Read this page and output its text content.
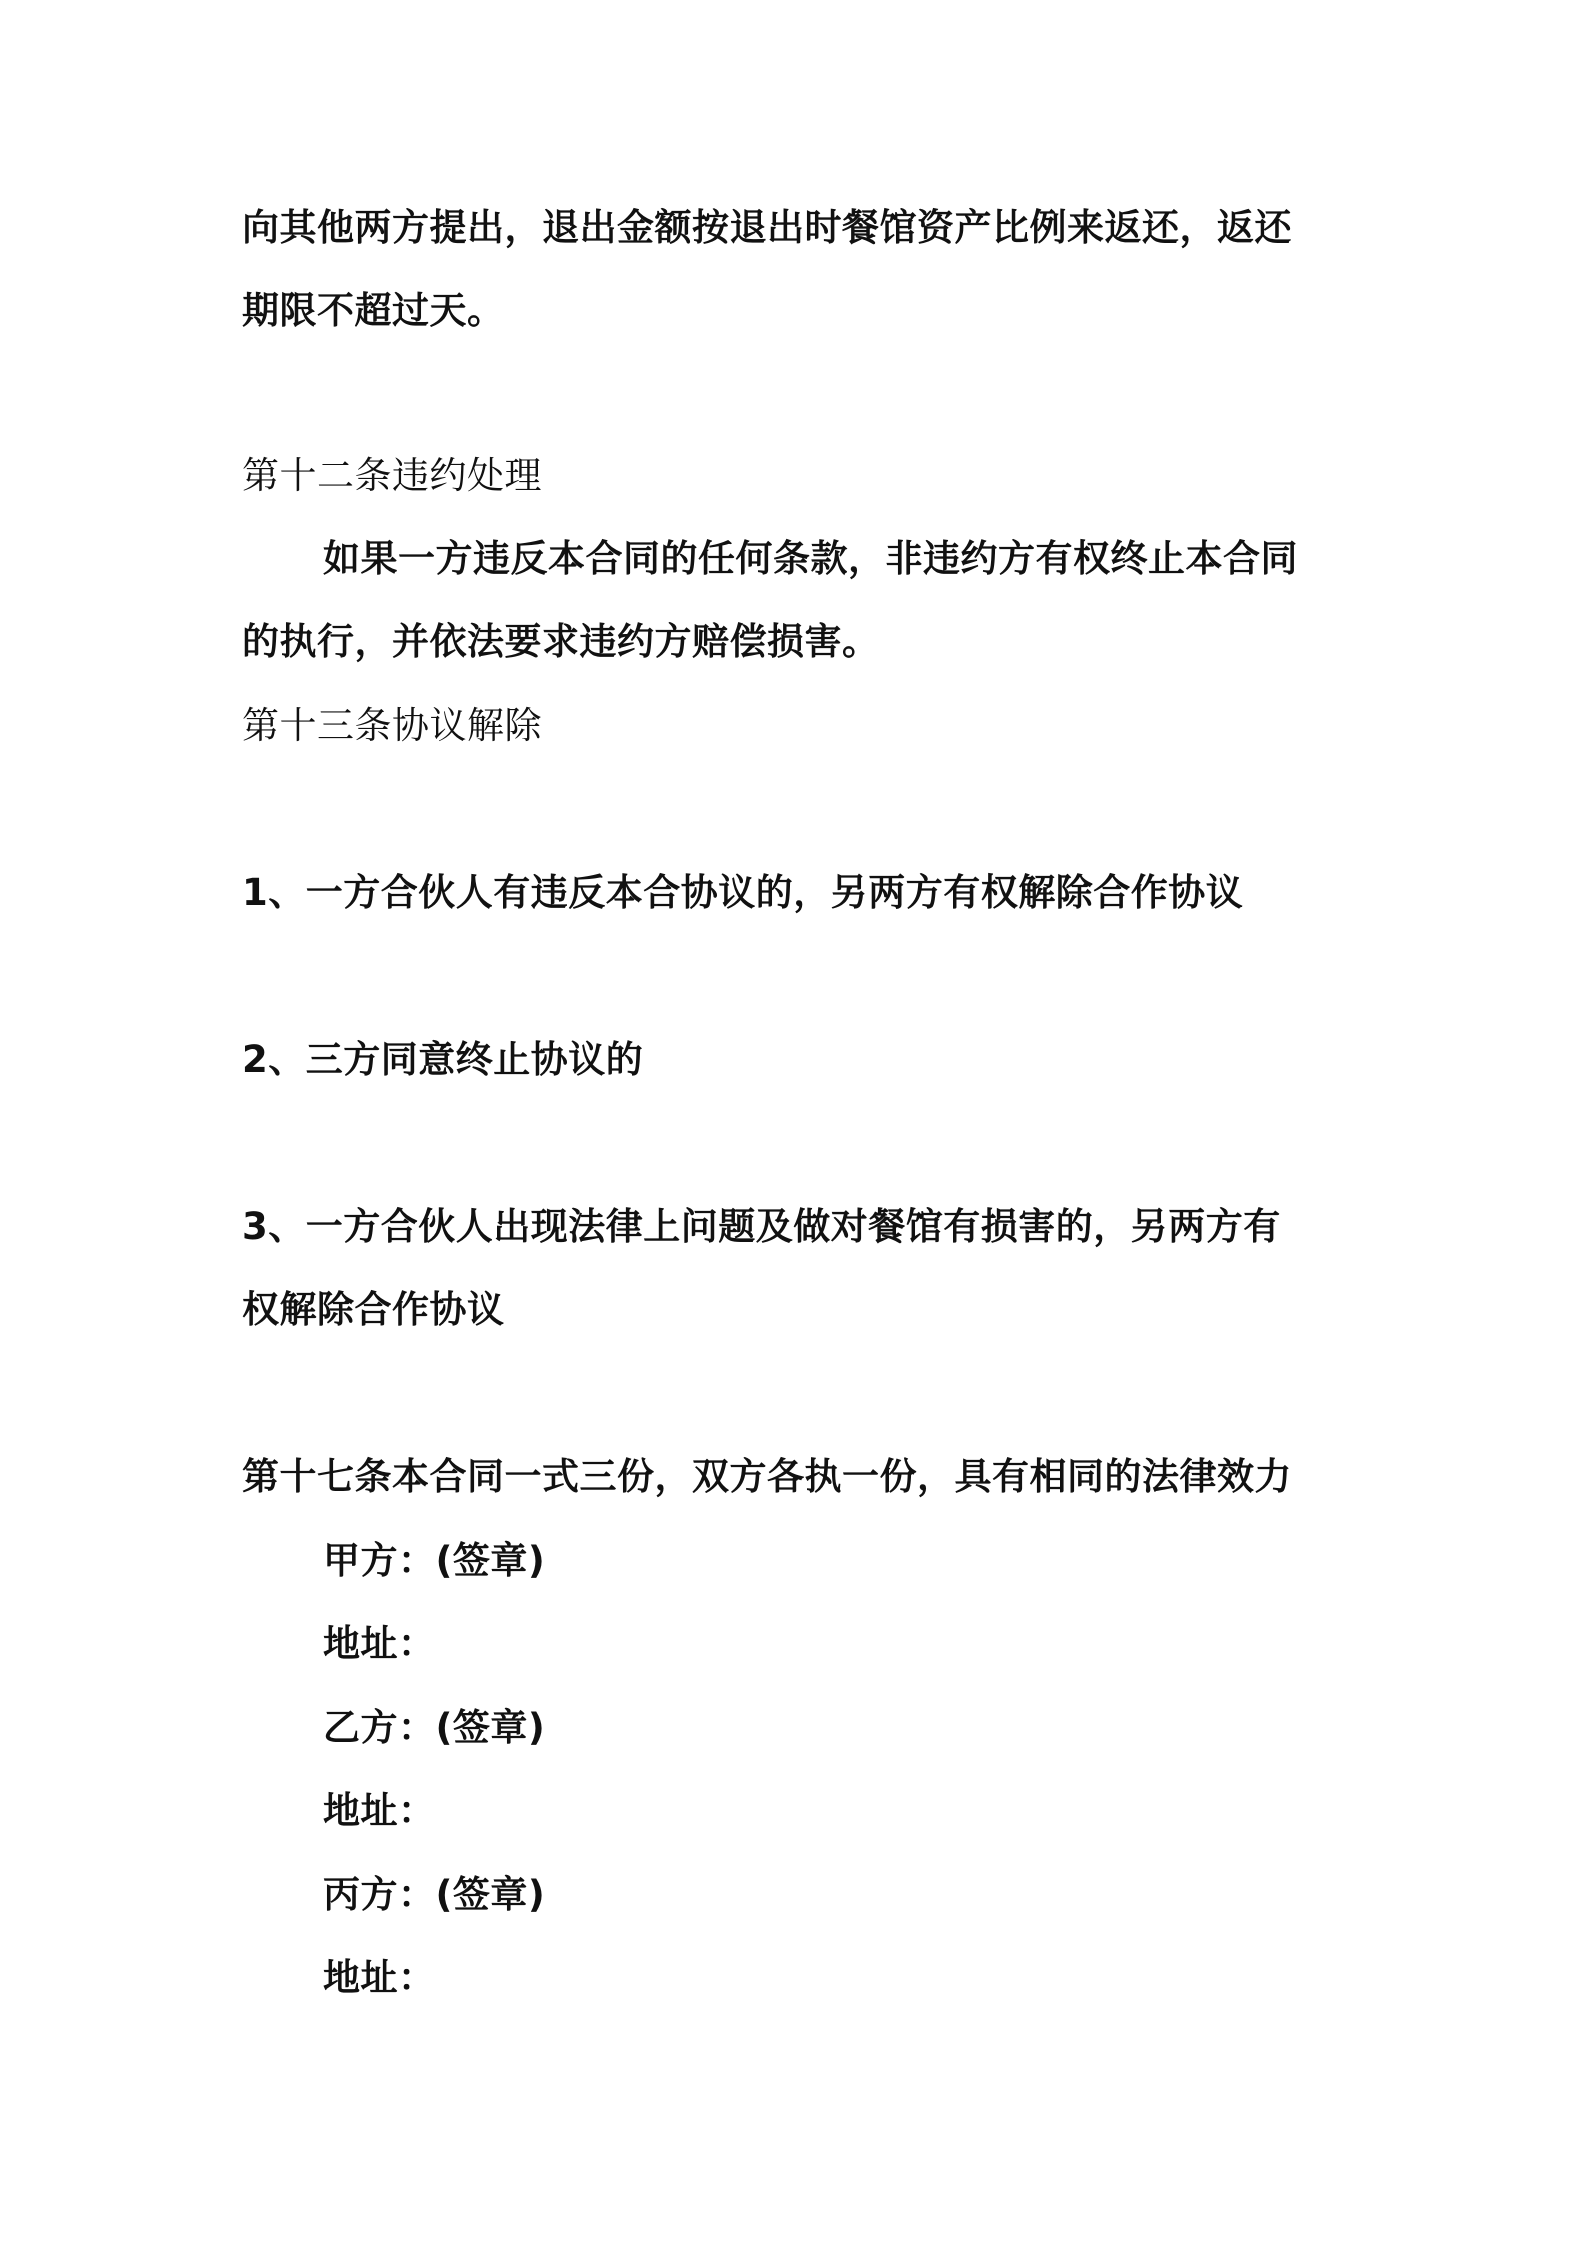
向其他两方提出，退出金额按退出时餐馆资产比例来返还，返还
期限不超过天。
第十二条违约处理
如果一方违反本合同的任何条款，非违约方有权终止本合同
的执行，并依法要求违约方赔偿损害。
第十三条协议解除
1、一方合伙人有违反本合协议的，另两方有权解除合作协议
2、三方同意终止协议的
3、一方合伙人出现法律上问题及做对餐馆有损害的，另两方有
权解除合作协议
第十七条本合同一式三份，双方各执一份，具有相同的法律效力
甲方：(签章)
地址：
乙方：(签章)
地址：
丙方：(签章)
地址：
